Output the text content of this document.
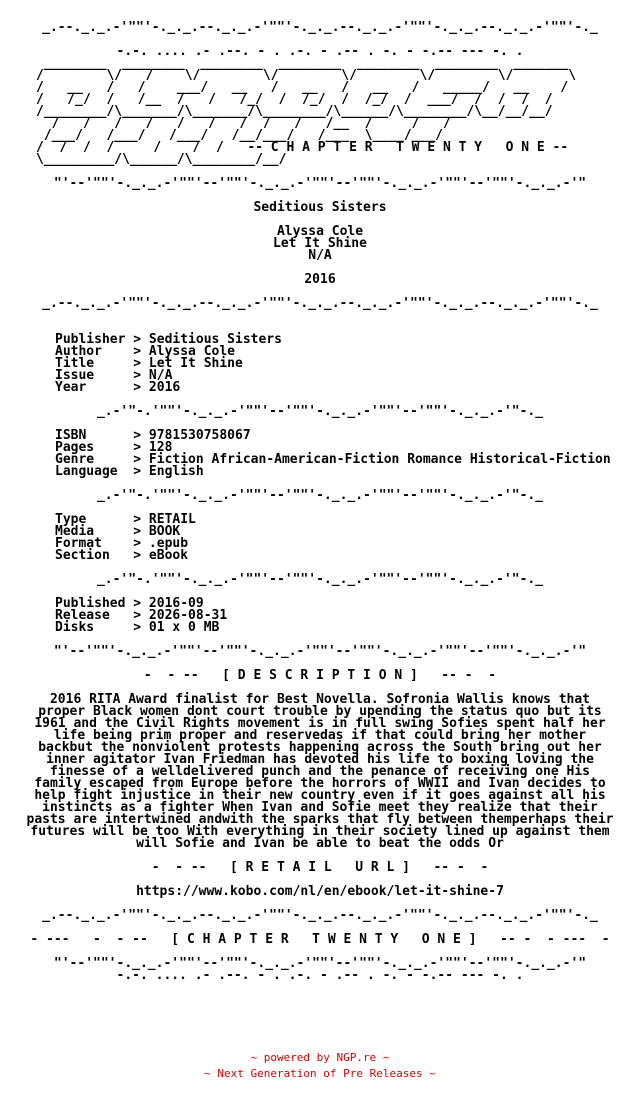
_.--._._.-'""'-._._.--._._.-'""'-._._.--._._.-'""'-._._.--._._.-'""'-._
-.-. .... .- .--. - . .-. - .-- . -. - -.-- --- -. .
________  ________  ________  ________  ________  ________  _______
/        \/   /    \/        \/        \/        \/        \/       \
/   __   /   /    ___/   __   /   __   /   __   /   _____/   __    /
/   /_/  /   /__  /   /   /_/  /  /_/  /  /_/  /  ___/  /  /  /  /
/________/\_______/\_______/\________/\______/\________/\__/__/__/
/   /   /   /   /   /   /  /   /   /__  /     /   /
/___/   /___/   /___/   /__/___/   /___  \____/___/
/  /  /  /     /    /  /   -- C H A P T E R   T W E N T Y   O N E --
\_________/\______/\________/__/
"'--'""'-._._.-'""'--'""'-._._.-'""'--'""'-._._.-'""'--'""'-._._.-'"
Seditious Sisters
Alyssa Cole
Let It Shine
N/A
2016
_.--._._.-'""'-._._.--._._.-'""'-._._.--._._.-'""'-._._.--._._.-'""'-._
Publisher > Seditious Sisters
Author    > Alyssa Cole
Title     > Let It Shine
Issue     > N/A
Year      > 2016
_.-'"-.'""'-._._.-'""'--'""'-._._.-'""'--'""'-._._.-'"-._
ISBN      > 9781530758067
Pages     > 128
Genre     > Fiction African-American-Fiction Romance Historical-Fiction
Language  > English
_.-'"-.'""'-._._.-'""'--'""'-._._.-'""'--'""'-._._.-'"-._
Type      > RETAIL
Media     > BOOK
Format    > .epub
Section   > eBook
_.-'"-.'""'-._._.-'""'--'""'-._._.-'""'--'""'-._._.-'"-._
Published > 2016-09
Release   > 2026-08-31
Disks     > 01 x 0 MB
"'--'""'-._._.-'""'--'""'-._._.-'""'--'""'-._._.-'""'--'""'-._._.-'"
-  - --   [ D E S C R I P T I O N ]   -- -  -

2016 RITA Award finalist for Best Novella. Sofronia Wallis knows that

proper Black women dont court trouble by upending the status quo but its

1961 and the Civil Rights movement is in full swing Sofies spent half her

life being prim proper and reservedas if that could bring her mother

backbut the nonviolent protests happening across the South bring out her

inner agitator Ivan Friedman has devoted his life to boxing loving the

finesse of a welldelivered punch and the penance of receiving one His

family escaped from Europe before the horrors of WWII and Ivan decides to

help fight injustice in their new country even if it goes against all his

instincts as a fighter When Ivan and Sofie meet they realize that their

pasts are intertwined andwith the sparks that fly between themperhaps their

futures will be too With everything in their society lined up against them

will Sofie and Ivan be able to beat the odds Or

-  - --   [ R E T A I L   U R L ]   -- -  -
https://www.kobo.com/nl/en/ebook/let-it-shine-7
_.--._._.-'""'-._._.--._._.-'""'-._._.--._._.-'""'-._._.--._._.-'""'-._
- ---   -  - --   [ C H A P T E R   T W E N T Y   O N E ]   -- -  - ---  -
"'--'""'-._._.-'""'--'""'-._._.-'""'--'""'-._._.-'""'--'""'-._._.-'"
-.-. .... .- .--. - . .-. - .-- . -. - -.-- --- -. .
~ powered by NGP.re ~
~ Next Generation of Pre Releases ~
